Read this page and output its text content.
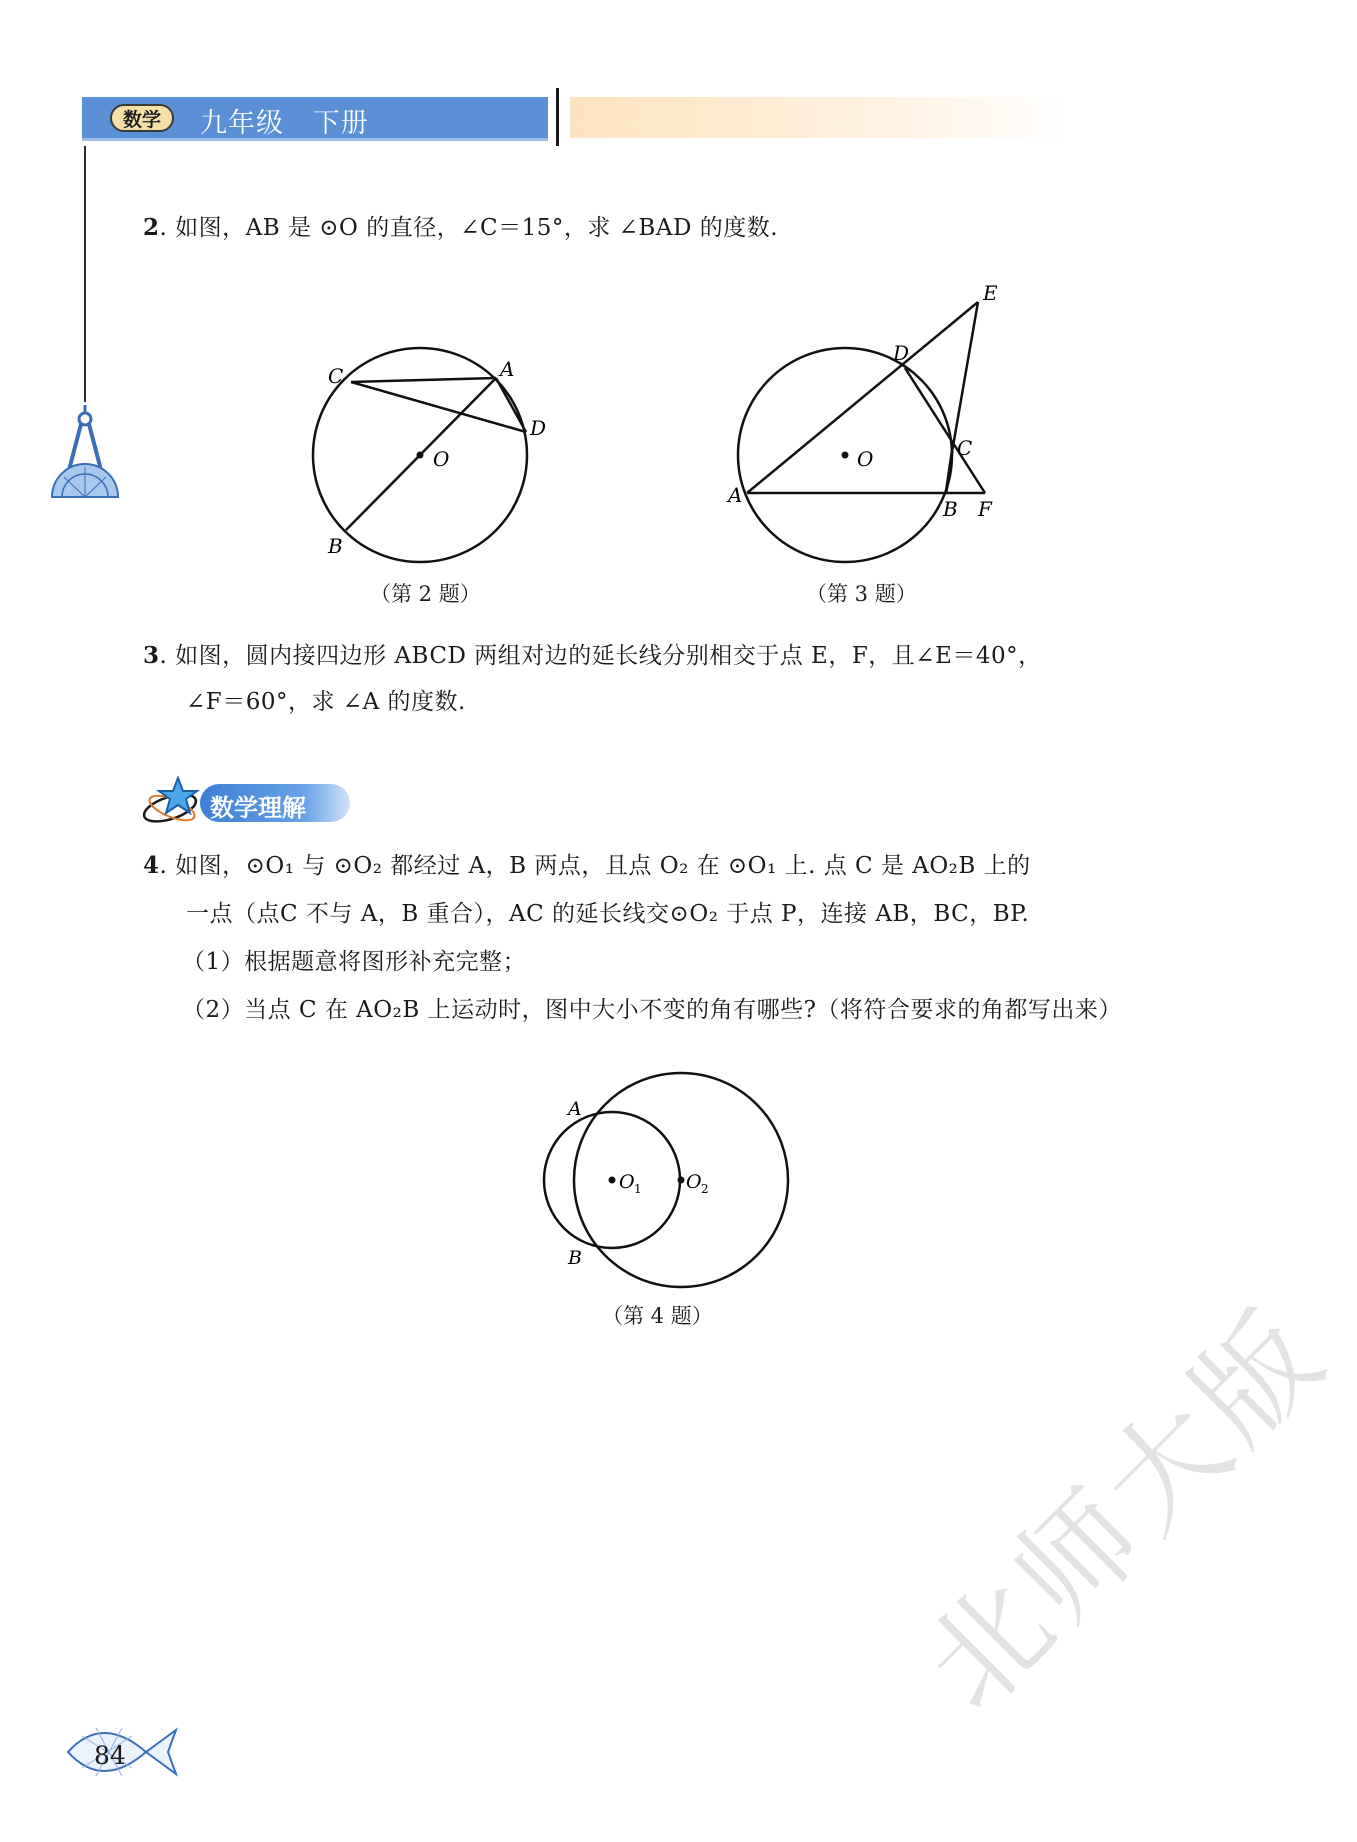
数学	九年级   下册
2. 如图，AB 是 ⊙O 的直径，∠C＝15°，求 ∠BAD 的度数.
C	A
D
O
B
（第 2 题）
E
D
C
O
A
B F
（第 3 题）
3. 如图，圆内接四边形 ABCD 两组对边的延长线分别相交于点 E，F，且∠E＝40°，
∠F＝60°，求 ∠A 的度数.
数学理解
4. 如图，⊙O₁ 与 ⊙O₂ 都经过 A，B 两点，且点 O₂ 在 ⊙O₁ 上. 点 C 是 AO₂B 上的
一点（点C 不与 A，B 重合），AC 的延长线交⊙O₂ 于点 P，连接 AB，BC，BP.
（1）根据题意将图形补充完整；
（2）当点 C 在 AO₂B 上运动时，图中大小不变的角有哪些?（将符合要求的角都写出来）
A
B
O 1 O 2
（第 4 题） 北师大版
84
